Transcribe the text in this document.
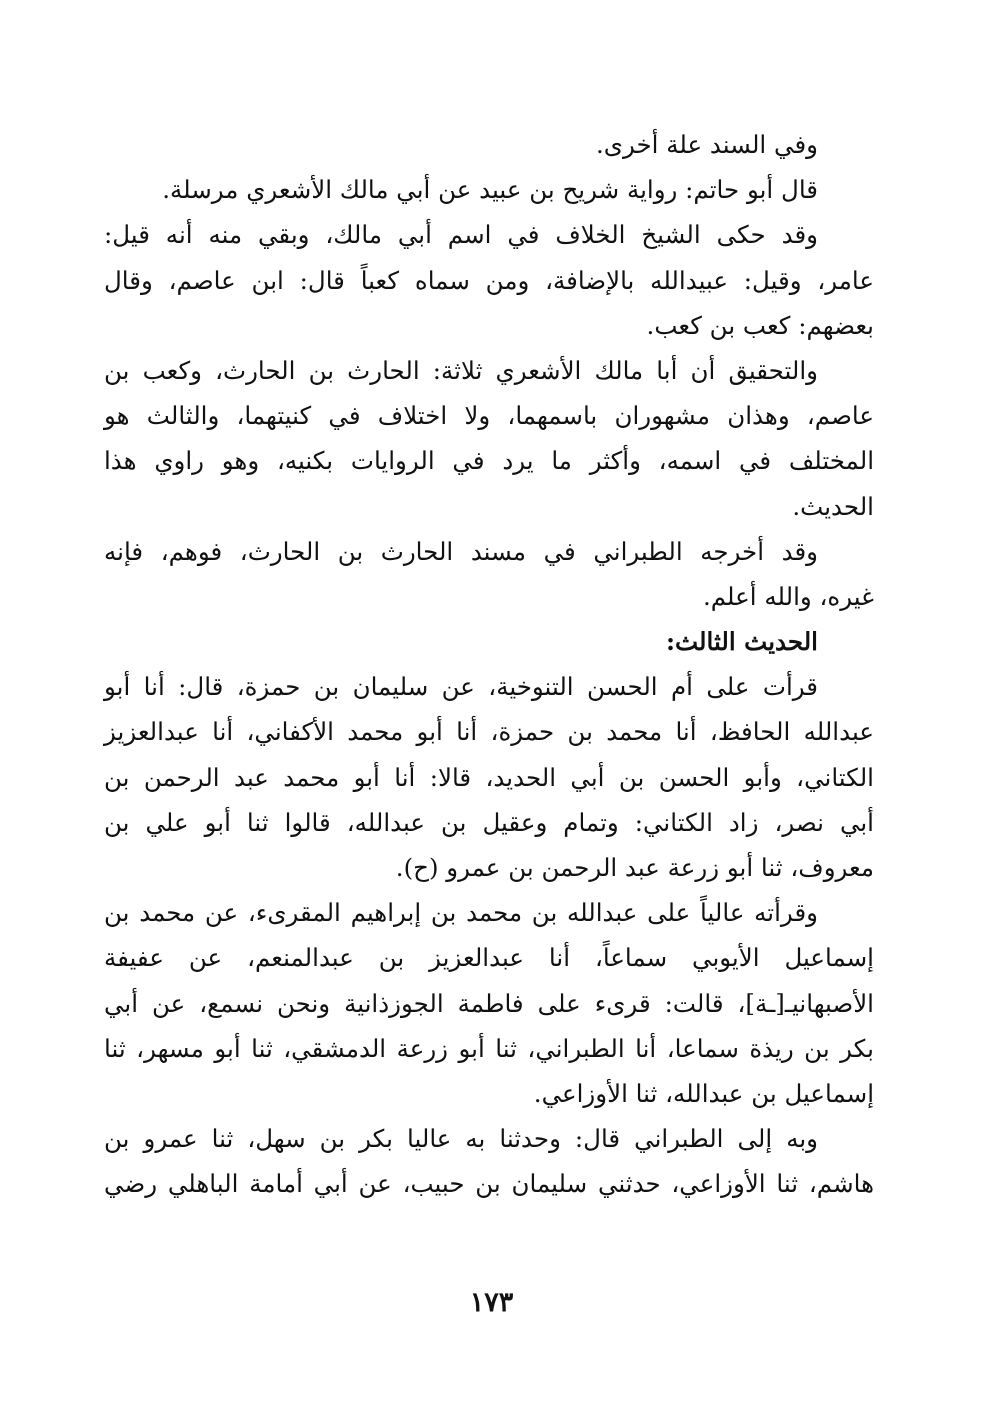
وفي السند علة أخرى.
قال أبو حاتم: رواية شريح بن عبيد عن أبي مالك الأشعري مرسلة.
وقد حكى الشيخ الخلاف في اسم أبي مالك، وبقي منه أنه قيل:
عامر، وقيل: عبيدالله بالإضافة، ومن سماه كعباً قال: ابن عاصم، وقال
بعضهم: كعب بن كعب.
والتحقيق أن أبا مالك الأشعري ثلاثة: الحارث بن الحارث، وكعب بن
عاصم، وهذان مشهوران باسمهما، ولا اختلاف في كنيتهما، والثالث هو
المختلف في اسمه، وأكثر ما يرد في الروايات بكنيه، وهو راوي هذا
الحديث.
وقد أخرجه الطبراني في مسند الحارث بن الحارث، فوهم، فإنه
غيره، والله أعلم.
الحديث الثالث:
قرأت على أم الحسن التنوخية، عن سليمان بن حمزة، قال: أنا أبو
عبدالله الحافظ، أنا محمد بن حمزة، أنا أبو محمد الأكفاني، أنا عبدالعزيز
الكتاني، وأبو الحسن بن أبي الحديد، قالا: أنا أبو محمد عبد الرحمن بن
أبي نصر، زاد الكتاني: وتمام وعقيل بن عبدالله، قالوا ثنا أبو علي بن
معروف، ثنا أبو زرعة عبد الرحمن بن عمرو (ح).
وقرأته عالياً على عبدالله بن محمد بن إبراهيم المقرىء، عن محمد بن
إسماعيل الأيوبي سماعاً، أنا عبدالعزيز بن عبدالمنعم، عن عفيفة
الأصبهانيـ[ـة]، قالت: قرىء على فاطمة الجوزذانية ونحن نسمع، عن أبي
بكر بن ريذة سماعا، أنا الطبراني، ثنا أبو زرعة الدمشقي، ثنا أبو مسهر، ثنا
إسماعيل بن عبدالله، ثنا الأوزاعي.
وبه إلى الطبراني قال: وحدثنا به عاليا بكر بن سهل، ثنا عمرو بن
هاشم، ثنا الأوزاعي، حدثني سليمان بن حبيب، عن أبي أمامة الباهلي رضي
١٧٣
